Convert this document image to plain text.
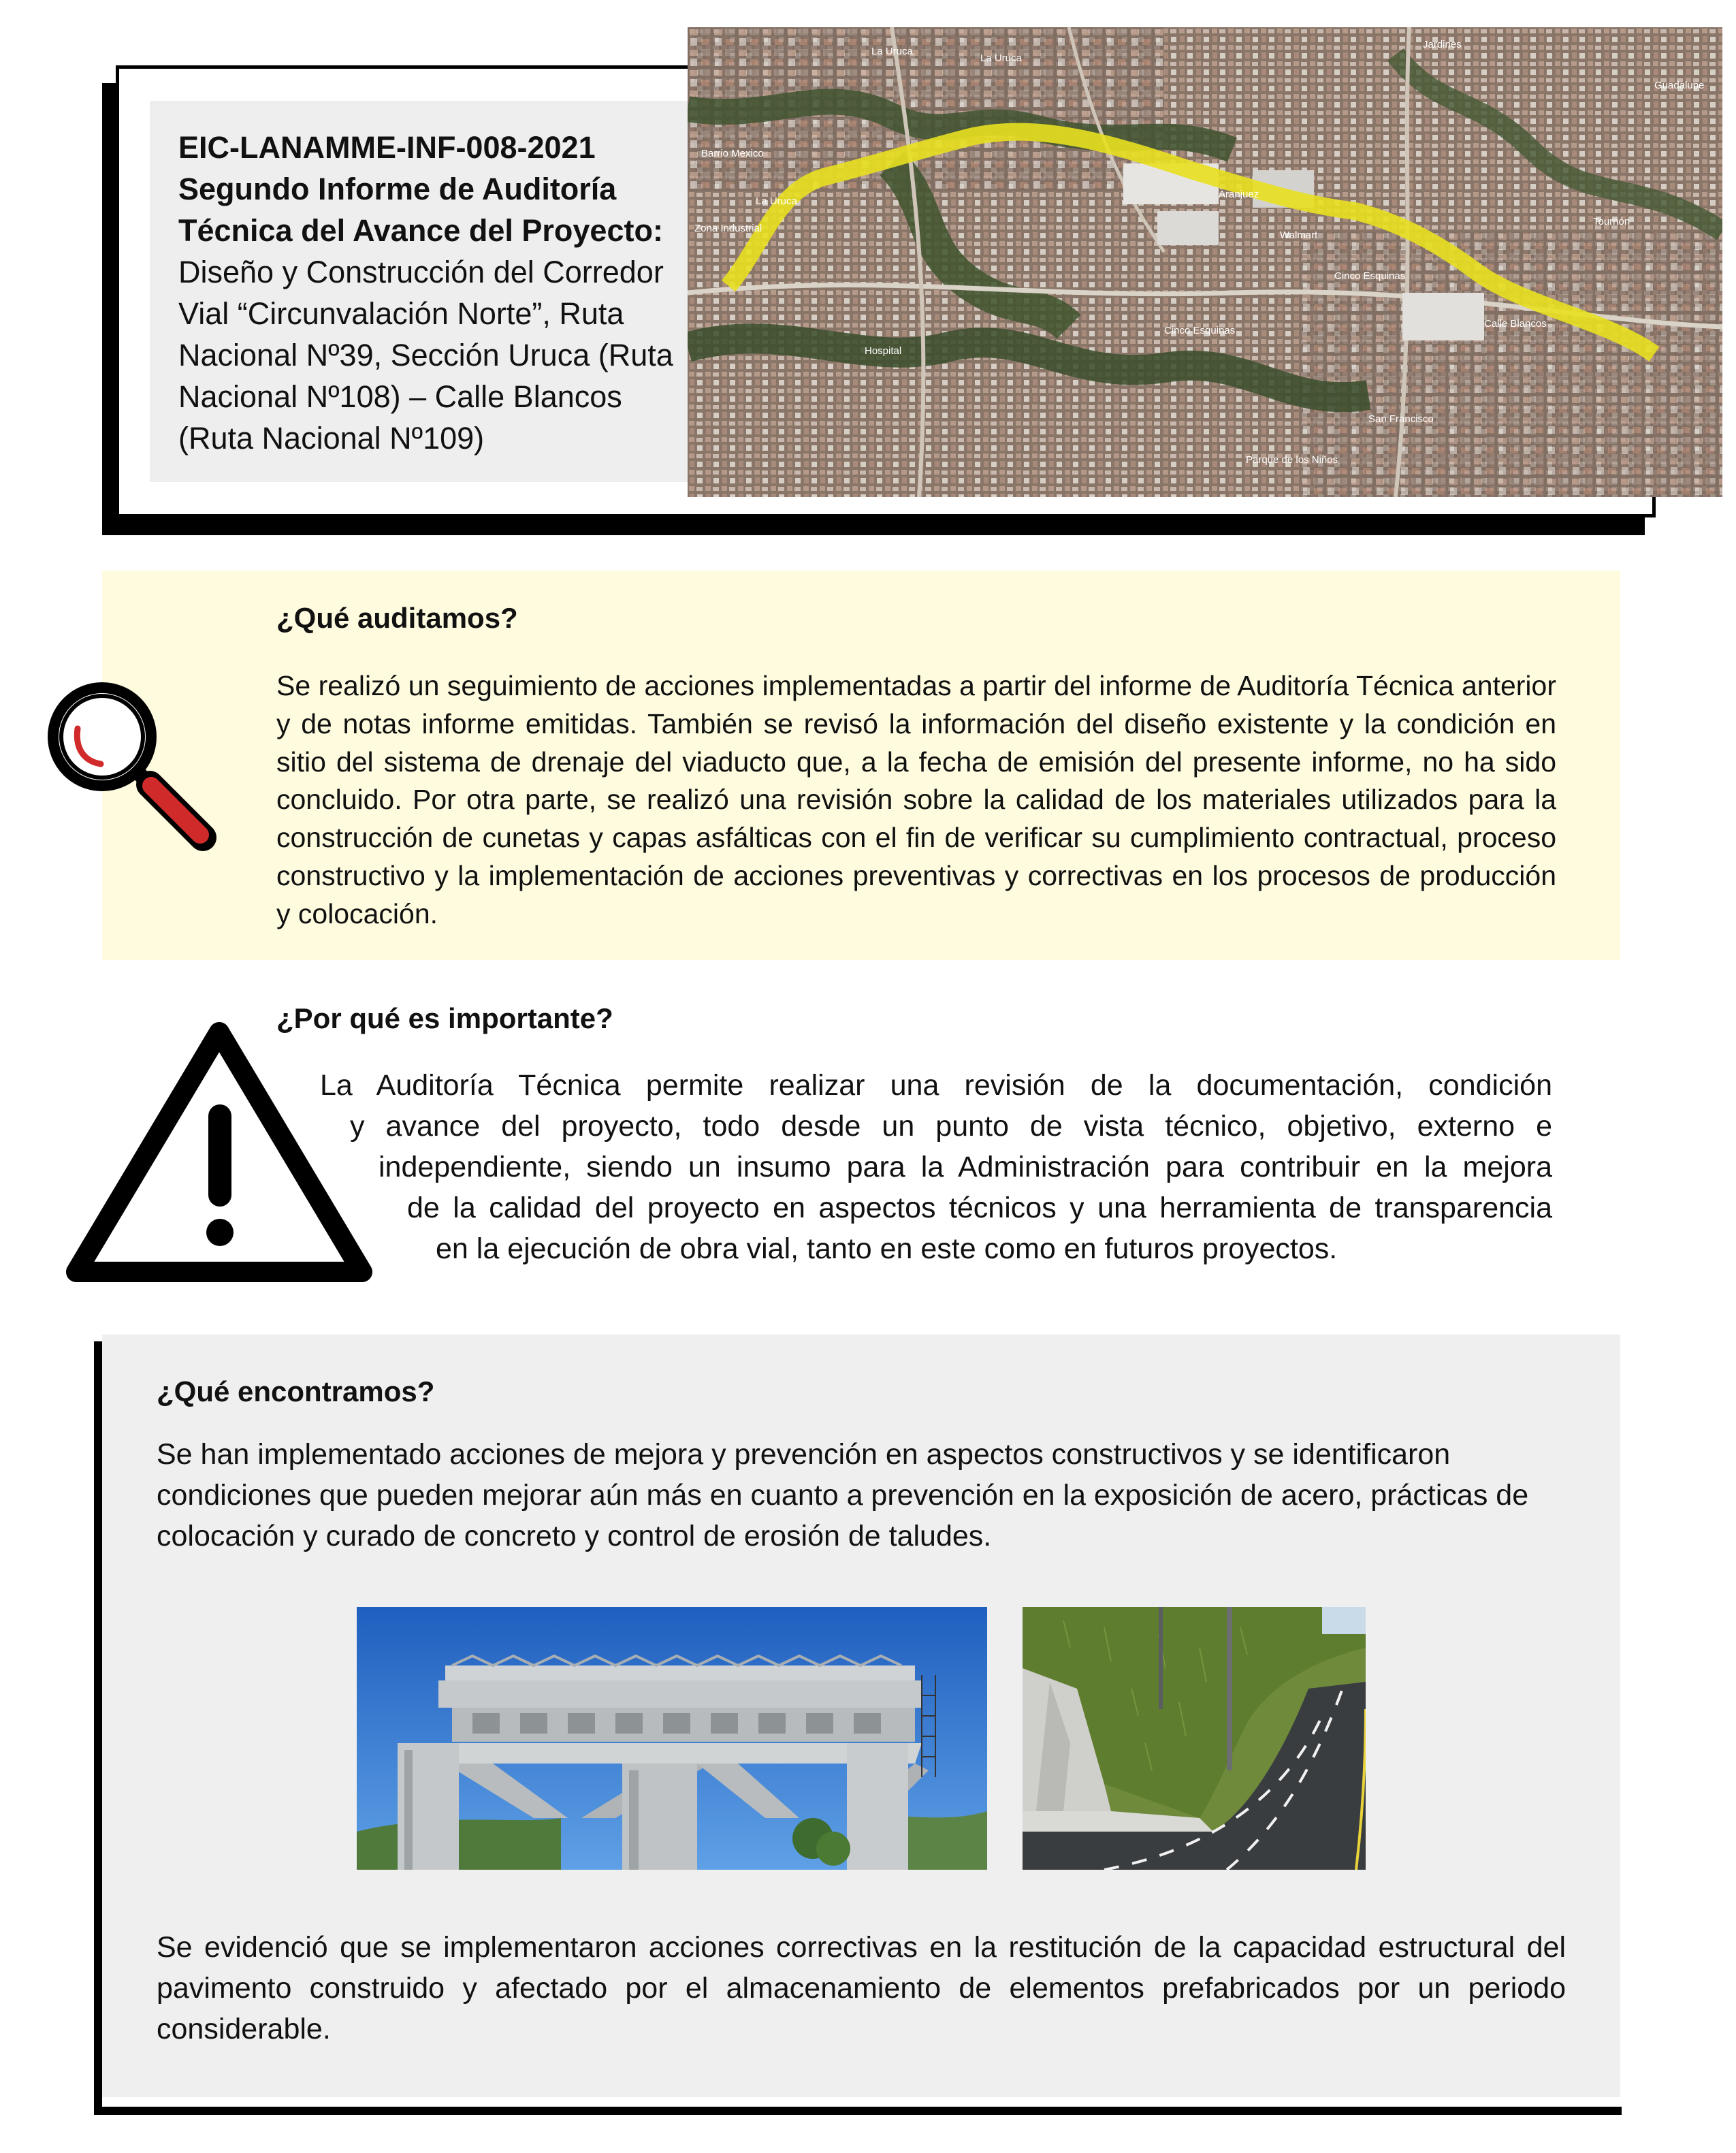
EIC-LANAMME-INF-008-2021
Segundo Informe de Auditoría
Técnica del Avance del Proyecto:
Diseño y Construcción del Corredor
Vial “Circunvalación Norte”, Ruta
Nacional Nº39, Sección Uruca (Ruta
Nacional Nº108) – Calle Blancos
(Ruta Nacional Nº109)
La Uruca
La Uruca
Zona Industrial
La Uruca
Cinco Esquinas
Cinco Esquinas
Calle Blancos
Jardines
San Francisco
Parque de los Niños
Hospital
Walmart
Aranjuez
Tournón
Guadalupe
Barrio Mexico
¿Qué auditamos?
Se realizó un seguimiento de acciones implementadas a partir del informe de Auditoría Técnica anterior y de notas informe emitidas. También se revisó la información del diseño existente y la condición en sitio del sistema de drenaje del viaducto que, a la fecha de emisión del presente informe, no ha sido concluido. Por otra parte, se realizó una revisión sobre la calidad de los materiales utilizados para la construcción de cunetas y capas asfálticas con el fin de verificar su cumplimiento contractual, proceso constructivo y la implementación de acciones preventivas y correctivas en los procesos de producción y colocación.
¿Por qué es importante?
La Auditoría Técnica permite realizar una revisión de la documentación, condición
y avance del proyecto, todo desde un punto de vista técnico, objetivo, externo e
independiente, siendo un insumo para la Administración para contribuir en la mejora
de la calidad del proyecto en aspectos técnicos y una herramienta de transparencia
en la ejecución de obra vial, tanto en este como en futuros proyectos.
¿Qué encontramos?
Se han implementado acciones de mejora y prevención en aspectos constructivos y se identificaron condiciones que pueden mejorar aún más en cuanto a prevención en la exposición de acero, prácticas de colocación y curado de concreto y control de erosión de taludes.
Se evidenció que se implementaron acciones correctivas en la restitución de la capacidad estructural del pavimento construido y afectado por el almacenamiento de elementos prefabricados por un periodo considerable.
